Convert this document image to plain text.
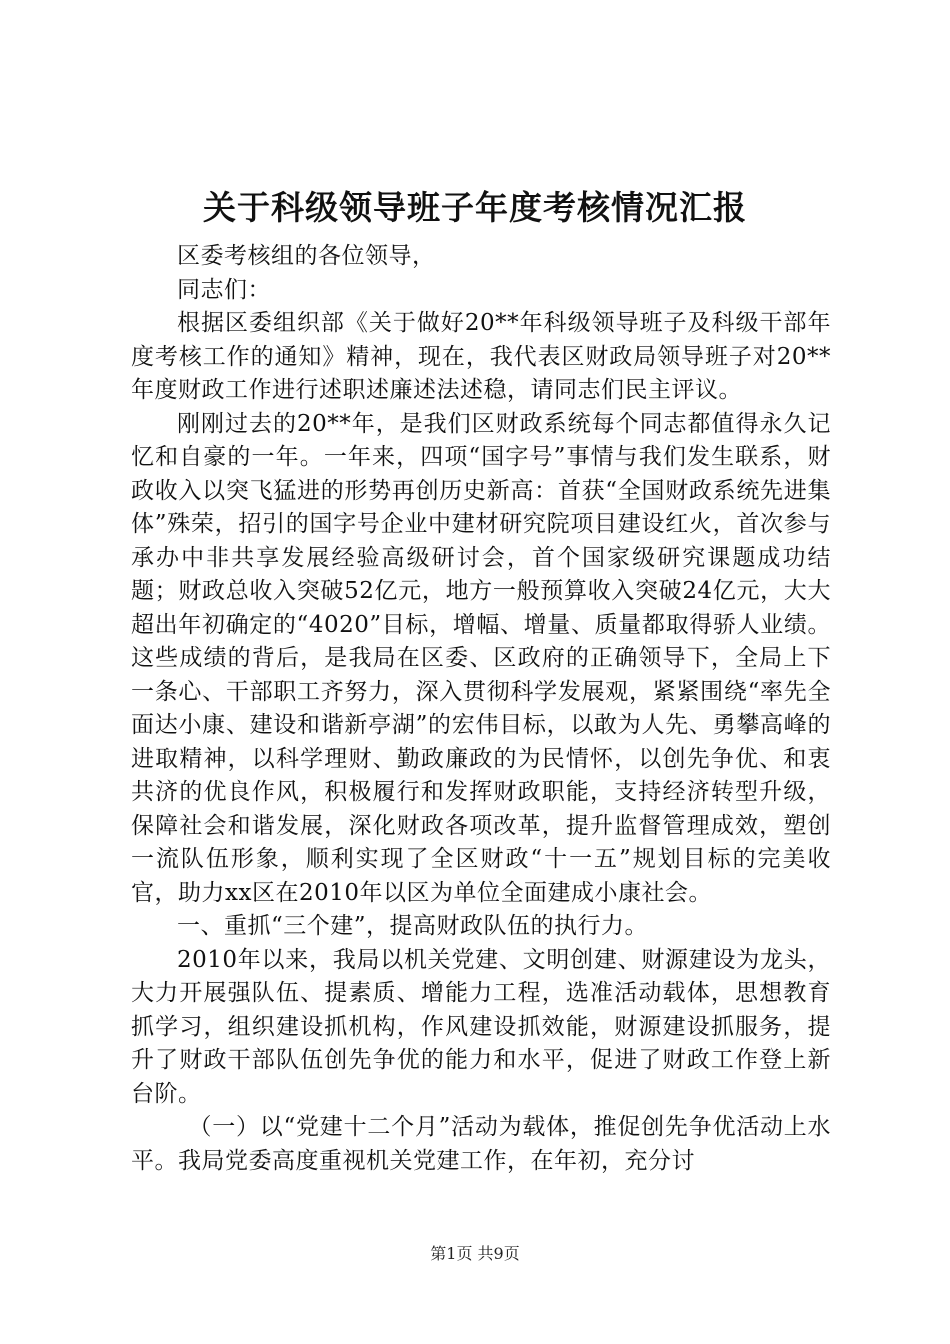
关于科级领导班子年度考核情况汇报

区委考核组的各位领导，

同志们：

根据区委组织部《关于做好20**年科级领导班子及科级干部年度考核工作的通知》精神，现在，我代表区财政局领导班子对20**年度财政工作进行述职述廉述法述稳，请同志们民主评议。

刚刚过去的20**年，是我们区财政系统每个同志都值得永久记忆和自豪的一年。一年来，四项“国字号”事情与我们发生联系，财政收入以突飞猛进的形势再创历史新高：首获“全国财政系统先进集体”殊荣，招引的国字号企业中建材研究院项目建设红火，首次参与承办中非共享发展经验高级研讨会，首个国家级研究课题成功结题；财政总收入突破52亿元，地方一般预算收入突破24亿元，大大超出年初确定的“4020”目标，增幅、增量、质量都取得骄人业绩。这些成绩的背后，是我局在区委、区政府的正确领导下，全局上下一条心、干部职工齐努力，深入贯彻科学发展观，紧紧围绕“率先全面达小康、建设和谐新亭湖”的宏伟目标，以敢为人先、勇攀高峰的进取精神，以科学理财、勤政廉政的为民情怀，以创先争优、和衷共济的优良作风，积极履行和发挥财政职能，支持经济转型升级，保障社会和谐发展，深化财政各项改革，提升监督管理成效，塑创一流队伍形象，顺利实现了全区财政“十一五”规划目标的完美收官，助力xx区在2010年以区为单位全面建成小康社会。

一、重抓“三个建”，提高财政队伍的执行力。

2010年以来，我局以机关党建、文明创建、财源建设为龙头，大力开展强队伍、提素质、增能力工程，选准活动载体，思想教育抓学习，组织建设抓机构，作风建设抓效能，财源建设抓服务，提升了财政干部队伍创先争优的能力和水平，促进了财政工作登上新台阶。

（一）以“党建十二个月”活动为载体，推促创先争优活动上水平。我局党委高度重视机关党建工作，在年初，充分讨

第1页 共9页
